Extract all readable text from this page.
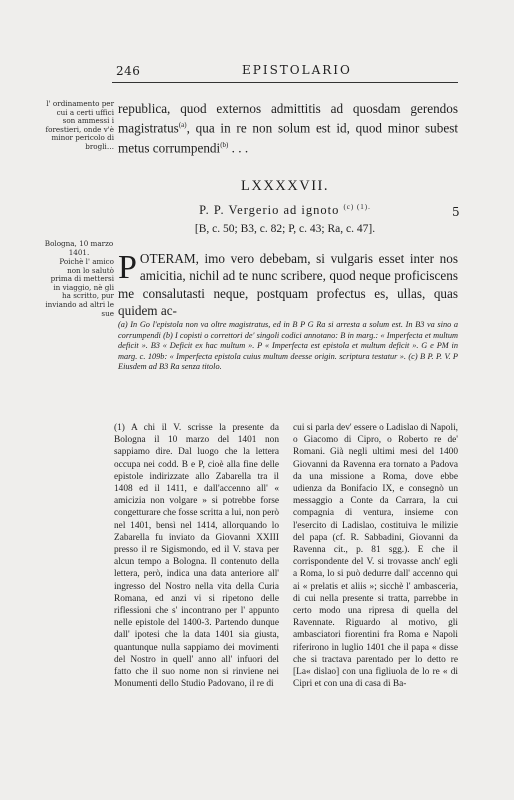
246	EPISTOLARIO
l' ordinamento per cui a certi uffici son ammessi i forestieri, onde v'è minor pericolo di brogli…
Bologna, 10 marzo 1401.
Poichè l' amico non lo salutò prima di mettersi in viaggio, nè gli ha scritto, pur inviando ad altri le sue
republica, quod externos admittitis ad quosdam gerendos magistratus$^{(a)}$, qua in re non solum est id, quod minor subest metus corrumpendi$^{(b)}$ . . .
LXXXXVII.
P. P. Vergerio ad ignoto $^{(c) (1).}$	5
[B, c. 50; B3, c. 82; P, c. 43; Ra, c. 47].
POTERAM, imo vero debebam, si vulgaris esset inter nos amicitia, nichil ad te nunc scribere, quod neque proficiscens me consalutasti neque, postquam profectus es, ullas, quas quidem ac-
(a) In Go l'epistola non va oltre magistratus, ed in B P G Ra si arresta a solum est. In B3 va sino a corrumpendi (b) I copisti o correttori de' singoli codici annotano: B in marg.: « Imperfecta et multum deficit ». B3 « Deficit ex hac multum ». P « Imperfecta est epistola et multum deficit ». G e PM in marg. c. 109b: « Imperfecta epistola cuius multum deesse origin. scriptura testatur ». (c) B P. P. V. P Eiusdem ad B3 Ra senza titolo.
(1) A chi il V. scrisse la presente da Bologna il 10 marzo del 1401 non sappiamo dire. Dal luogo che la lettera occupa nei codd. B e P, cioè alla fine delle epistole indirizzate allo Zabarella tra il 1408 ed il 1411, e dall'accenno all' « amicizia non volgare » si potrebbe forse congetturare che fosse scritta a lui, non però nel 1401, bensì nel 1414, allorquando lo Zabarella fu inviato da Giovanni XXIII presso il re Sigismondo, ed il V. stava per alcun tempo a Bologna. Il contenuto della lettera, però, indica una data anteriore all' ingresso del Nostro nella vita della Curia Romana, ed anzi vi si ripetono delle riflessioni che s' incontrano per l' appunto nelle epistole del 1400-3. Partendo dunque dall' ipotesi che la data 1401 sia giusta, quantunque nulla sappiamo dei movimenti del Nostro in quell' anno all' infuori del fatto che il suo nome non si rinviene nei Monumenti dello Studio Padovano, il re di
cui si parla dev' essere o Ladislao di Napoli, o Giacomo di Cipro, o Roberto re de' Romani. Già negli ultimi mesi del 1400 Giovanni da Ravenna era tornato a Padova da una missione a Roma, dove ebbe udienza da Bonifacio IX, e consegnò un messaggio a Conte da Carrara, la cui compagnia di ventura, insieme con l'esercito di Ladislao, costituiva le milizie del papa (cf. R. Sabbadini, Giovanni da Ravenna cit., p. 81 sgg.). E che il corrispondente del V. si trovasse anch' egli a Roma, lo si può dedurre dall' accenno qui ai « prelatis et aliis »; sicchè l' ambasceria, di cui nella presente si tratta, parrebbe in certo modo una ripresa di quella del Ravennate. Riguardo al motivo, gli ambasciatori fiorentini fra Roma e Napoli riferirono in luglio 1401 che il papa « disse che si tractava parentado per lo detto re [La« dislao] con una figliuola de lo re « di Cipri et con una di casa di Ba-
